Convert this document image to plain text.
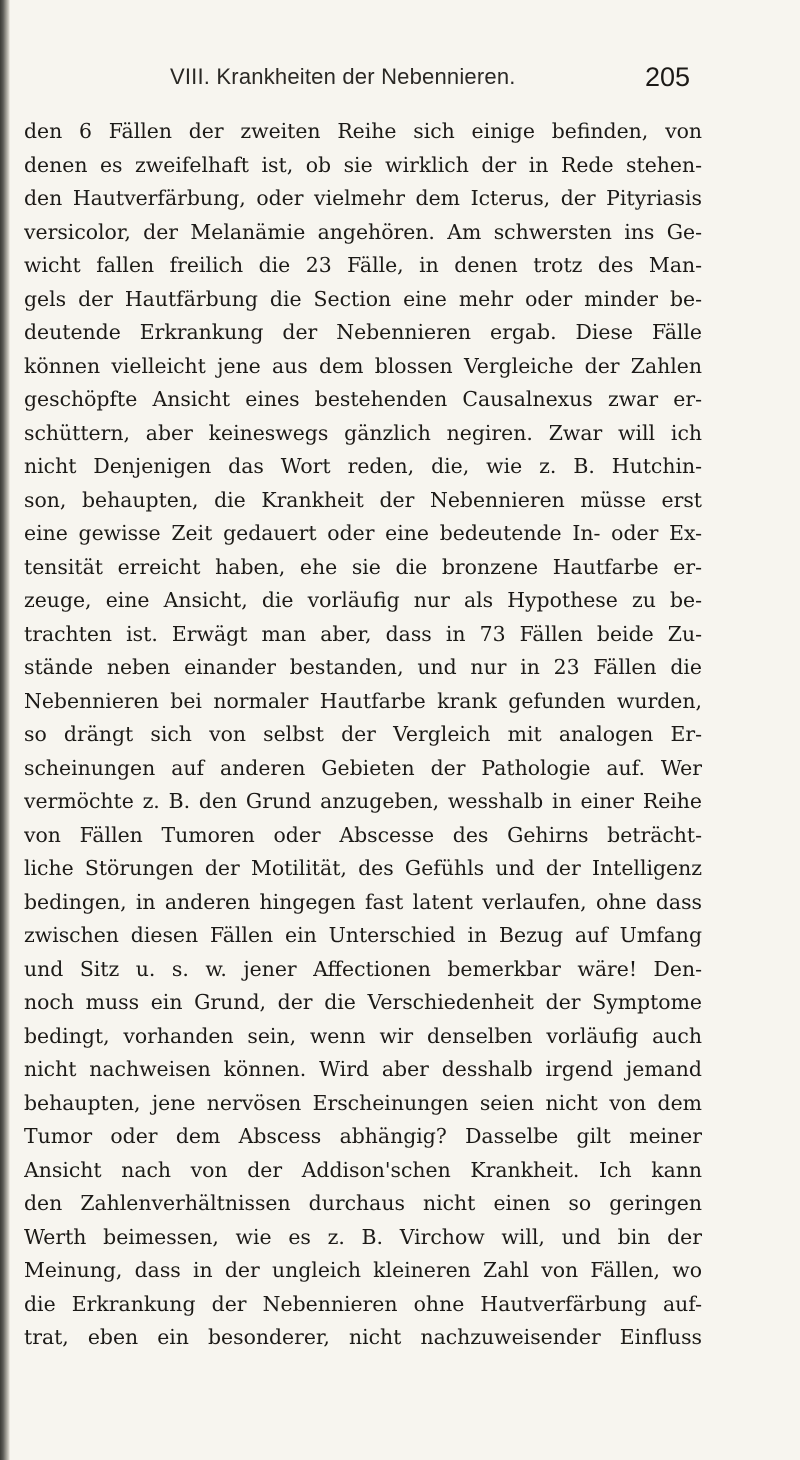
VIII. Krankheiten der Nebennieren.	205
den 6 Fällen der zweiten Reihe sich einige befinden, von
denen es zweifelhaft ist, ob sie wirklich der in Rede stehen-
den Hautverfärbung, oder vielmehr dem Icterus, der Pityriasis
versicolor, der Melanämie angehören. Am schwersten ins Ge-
wicht fallen freilich die 23 Fälle, in denen trotz des Man-
gels der Hautfärbung die Section eine mehr oder minder be-
deutende Erkrankung der Nebennieren ergab. Diese Fälle
können vielleicht jene aus dem blossen Vergleiche der Zahlen
geschöpfte Ansicht eines bestehenden Causalnexus zwar er-
schüttern, aber keineswegs gänzlich negiren. Zwar will ich
nicht Denjenigen das Wort reden, die, wie z. B. Hutchin-
son, behaupten, die Krankheit der Nebennieren müsse erst
eine gewisse Zeit gedauert oder eine bedeutende In- oder Ex-
tensität erreicht haben, ehe sie die bronzene Hautfarbe er-
zeuge, eine Ansicht, die vorläufig nur als Hypothese zu be-
trachten ist. Erwägt man aber, dass in 73 Fällen beide Zu-
stände neben einander bestanden, und nur in 23 Fällen die
Nebennieren bei normaler Hautfarbe krank gefunden wurden,
so drängt sich von selbst der Vergleich mit analogen Er-
scheinungen auf anderen Gebieten der Pathologie auf. Wer
vermöchte z. B. den Grund anzugeben, wesshalb in einer Reihe
von Fällen Tumoren oder Abscesse des Gehirns beträcht-
liche Störungen der Motilität, des Gefühls und der Intelligenz
bedingen, in anderen hingegen fast latent verlaufen, ohne dass
zwischen diesen Fällen ein Unterschied in Bezug auf Umfang
und Sitz u. s. w. jener Affectionen bemerkbar wäre! Den-
noch muss ein Grund, der die Verschiedenheit der Symptome
bedingt, vorhanden sein, wenn wir denselben vorläufig auch
nicht nachweisen können. Wird aber desshalb irgend jemand
behaupten, jene nervösen Erscheinungen seien nicht von dem
Tumor oder dem Abscess abhängig? Dasselbe gilt meiner
Ansicht nach von der Addison'schen Krankheit. Ich kann
den Zahlenverhältnissen durchaus nicht einen so geringen
Werth beimessen, wie es z. B. Virchow will, und bin der
Meinung, dass in der ungleich kleineren Zahl von Fällen, wo
die Erkrankung der Nebennieren ohne Hautverfärbung auf-
trat, eben ein besonderer, nicht nachzuweisender Einfluss
